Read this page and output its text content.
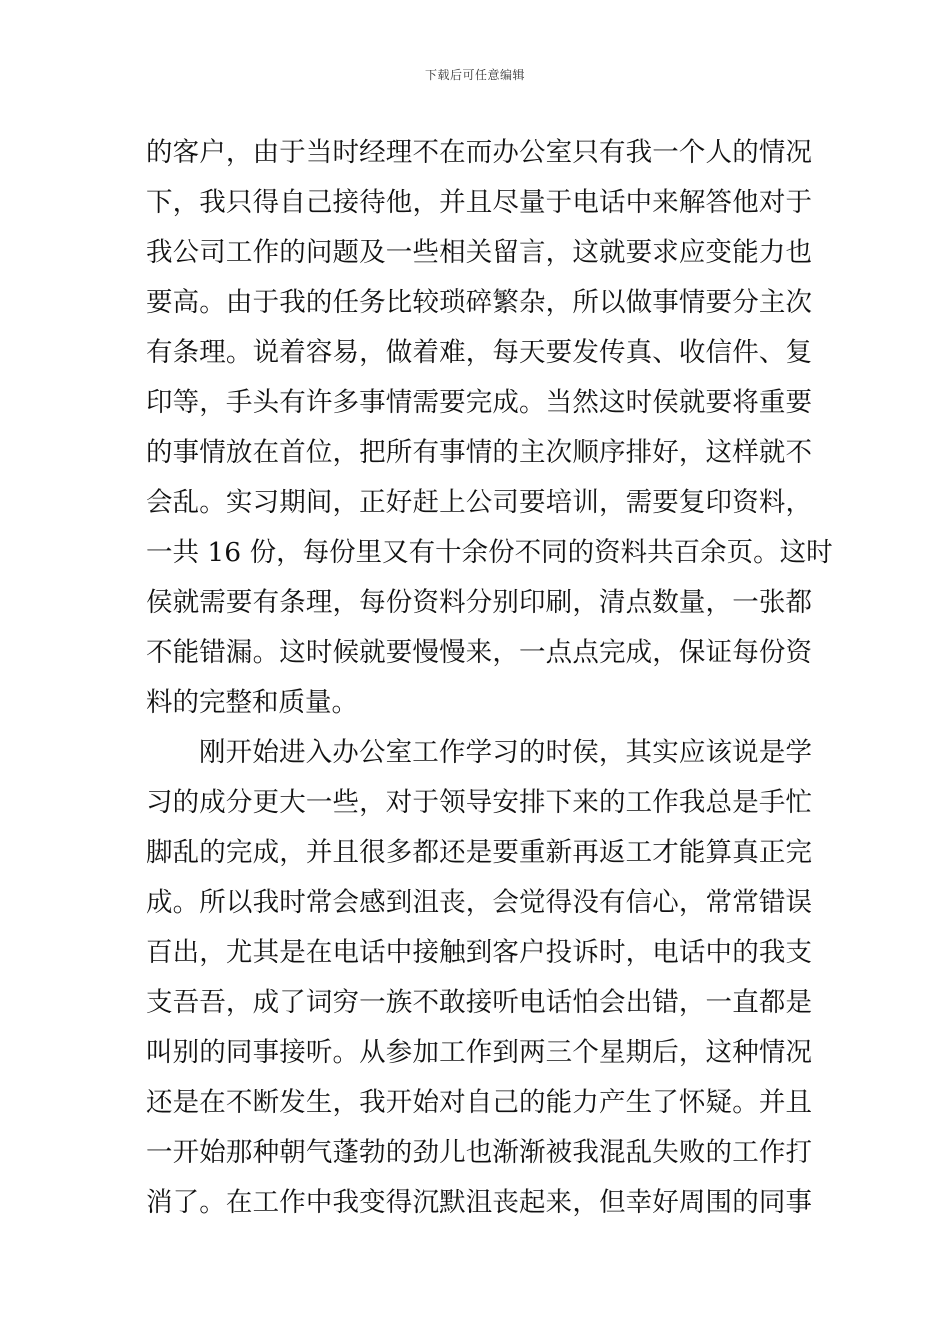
下载后可任意编辑
的客户，由于当时经理不在而办公室只有我一个人的情况
下，我只得自己接待他，并且尽量于电话中来解答他对于
我公司工作的问题及一些相关留言，这就要求应变能力也
要高。由于我的任务比较琐碎繁杂，所以做事情要分主次
有条理。说着容易，做着难，每天要发传真、收信件、复
印等，手头有许多事情需要完成。当然这时侯就要将重要
的事情放在首位，把所有事情的主次顺序排好，这样就不
会乱。实习期间，正好赶上公司要培训，需要复印资料，
一共 16 份，每份里又有十余份不同的资料共百余页。这时
侯就需要有条理，每份资料分别印刷，清点数量，一张都
不能错漏。这时候就要慢慢来，一点点完成，保证每份资
料的完整和质量。
刚开始进入办公室工作学习的时侯，其实应该说是学
习的成分更大一些，对于领导安排下来的工作我总是手忙
脚乱的完成，并且很多都还是要重新再返工才能算真正完
成。所以我时常会感到沮丧，会觉得没有信心，常常错误
百出，尤其是在电话中接触到客户投诉时，电话中的我支
支吾吾，成了词穷一族不敢接听电话怕会出错，一直都是
叫别的同事接听。从参加工作到两三个星期后，这种情况
还是在不断发生，我开始对自己的能力产生了怀疑。并且
一开始那种朝气蓬勃的劲儿也渐渐被我混乱失败的工作打
消了。在工作中我变得沉默沮丧起来，但幸好周围的同事
